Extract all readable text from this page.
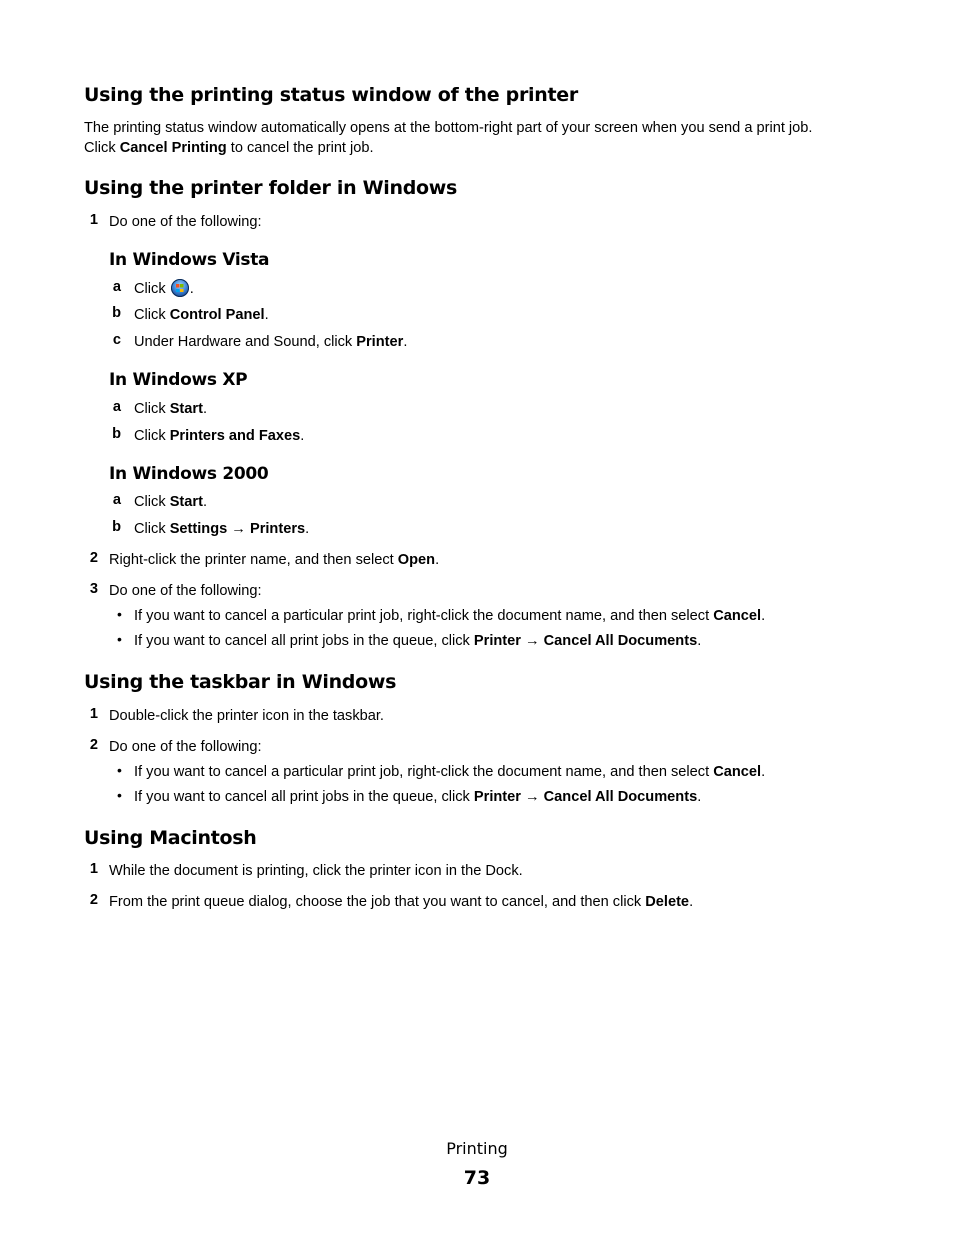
Using the printing status window of the printer
The printing status window automatically opens at the bottom-right part of your screen when you send a print job.
Click Cancel Printing to cancel the print job.
Using the printer folder in Windows
1 Do one of the following:
In Windows Vista
a Click .
b Click Control Panel.
c Under Hardware and Sound, click Printer.
In Windows XP
a Click Start.
b Click Printers and Faxes.
In Windows 2000
a Click Start.
b Click Settings → Printers.
2 Right-click the printer name, and then select Open.
3 Do one of the following:
• If you want to cancel a particular print job, right-click the document name, and then select Cancel.
• If you want to cancel all print jobs in the queue, click Printer → Cancel All Documents.
Using the taskbar in Windows
1 Double-click the printer icon in the taskbar.
2 Do one of the following:
• If you want to cancel a particular print job, right-click the document name, and then select Cancel.
• If you want to cancel all print jobs in the queue, click Printer → Cancel All Documents.
Using Macintosh
1 While the document is printing, click the printer icon in the Dock.
2 From the print queue dialog, choose the job that you want to cancel, and then click Delete.
Printing
73
